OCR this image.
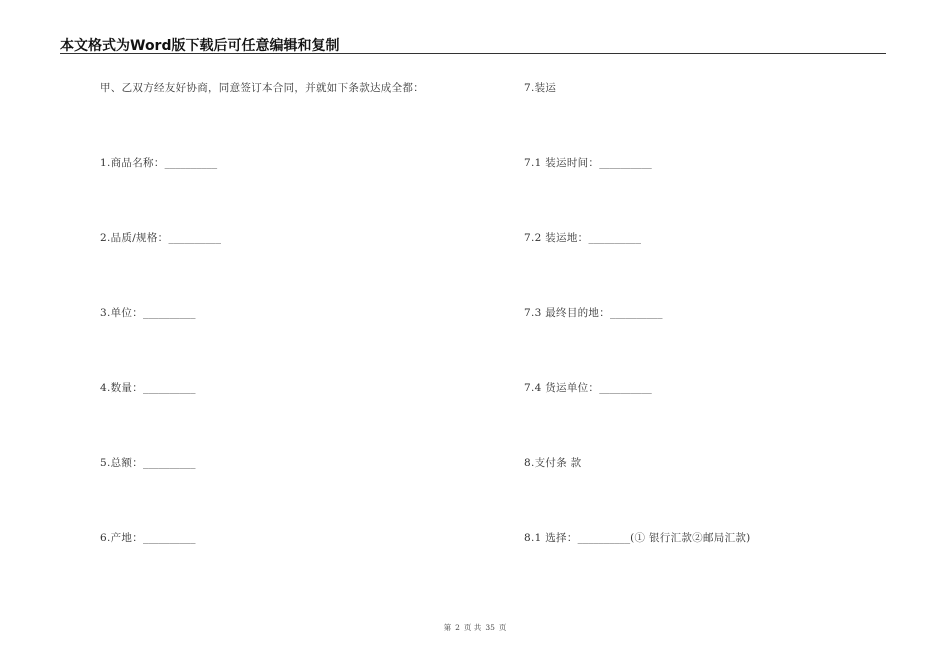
本文格式为Word版下载后可任意编辑和复制
甲、乙双方经友好协商，同意签订本合同，并就如下条款达成全都：
1.商品名称：__________
2.品质/规格：__________
3.单位：__________
4.数量：__________
5.总额：__________
6.产地：__________
7.装运
7.1 装运时间：__________
7.2 装运地：__________
7.3 最终目的地：__________
7.4 货运单位：__________
8.支付条 款
8.1 选择：__________(① 银行汇款②邮局汇款)
第 2 页 共 35 页
